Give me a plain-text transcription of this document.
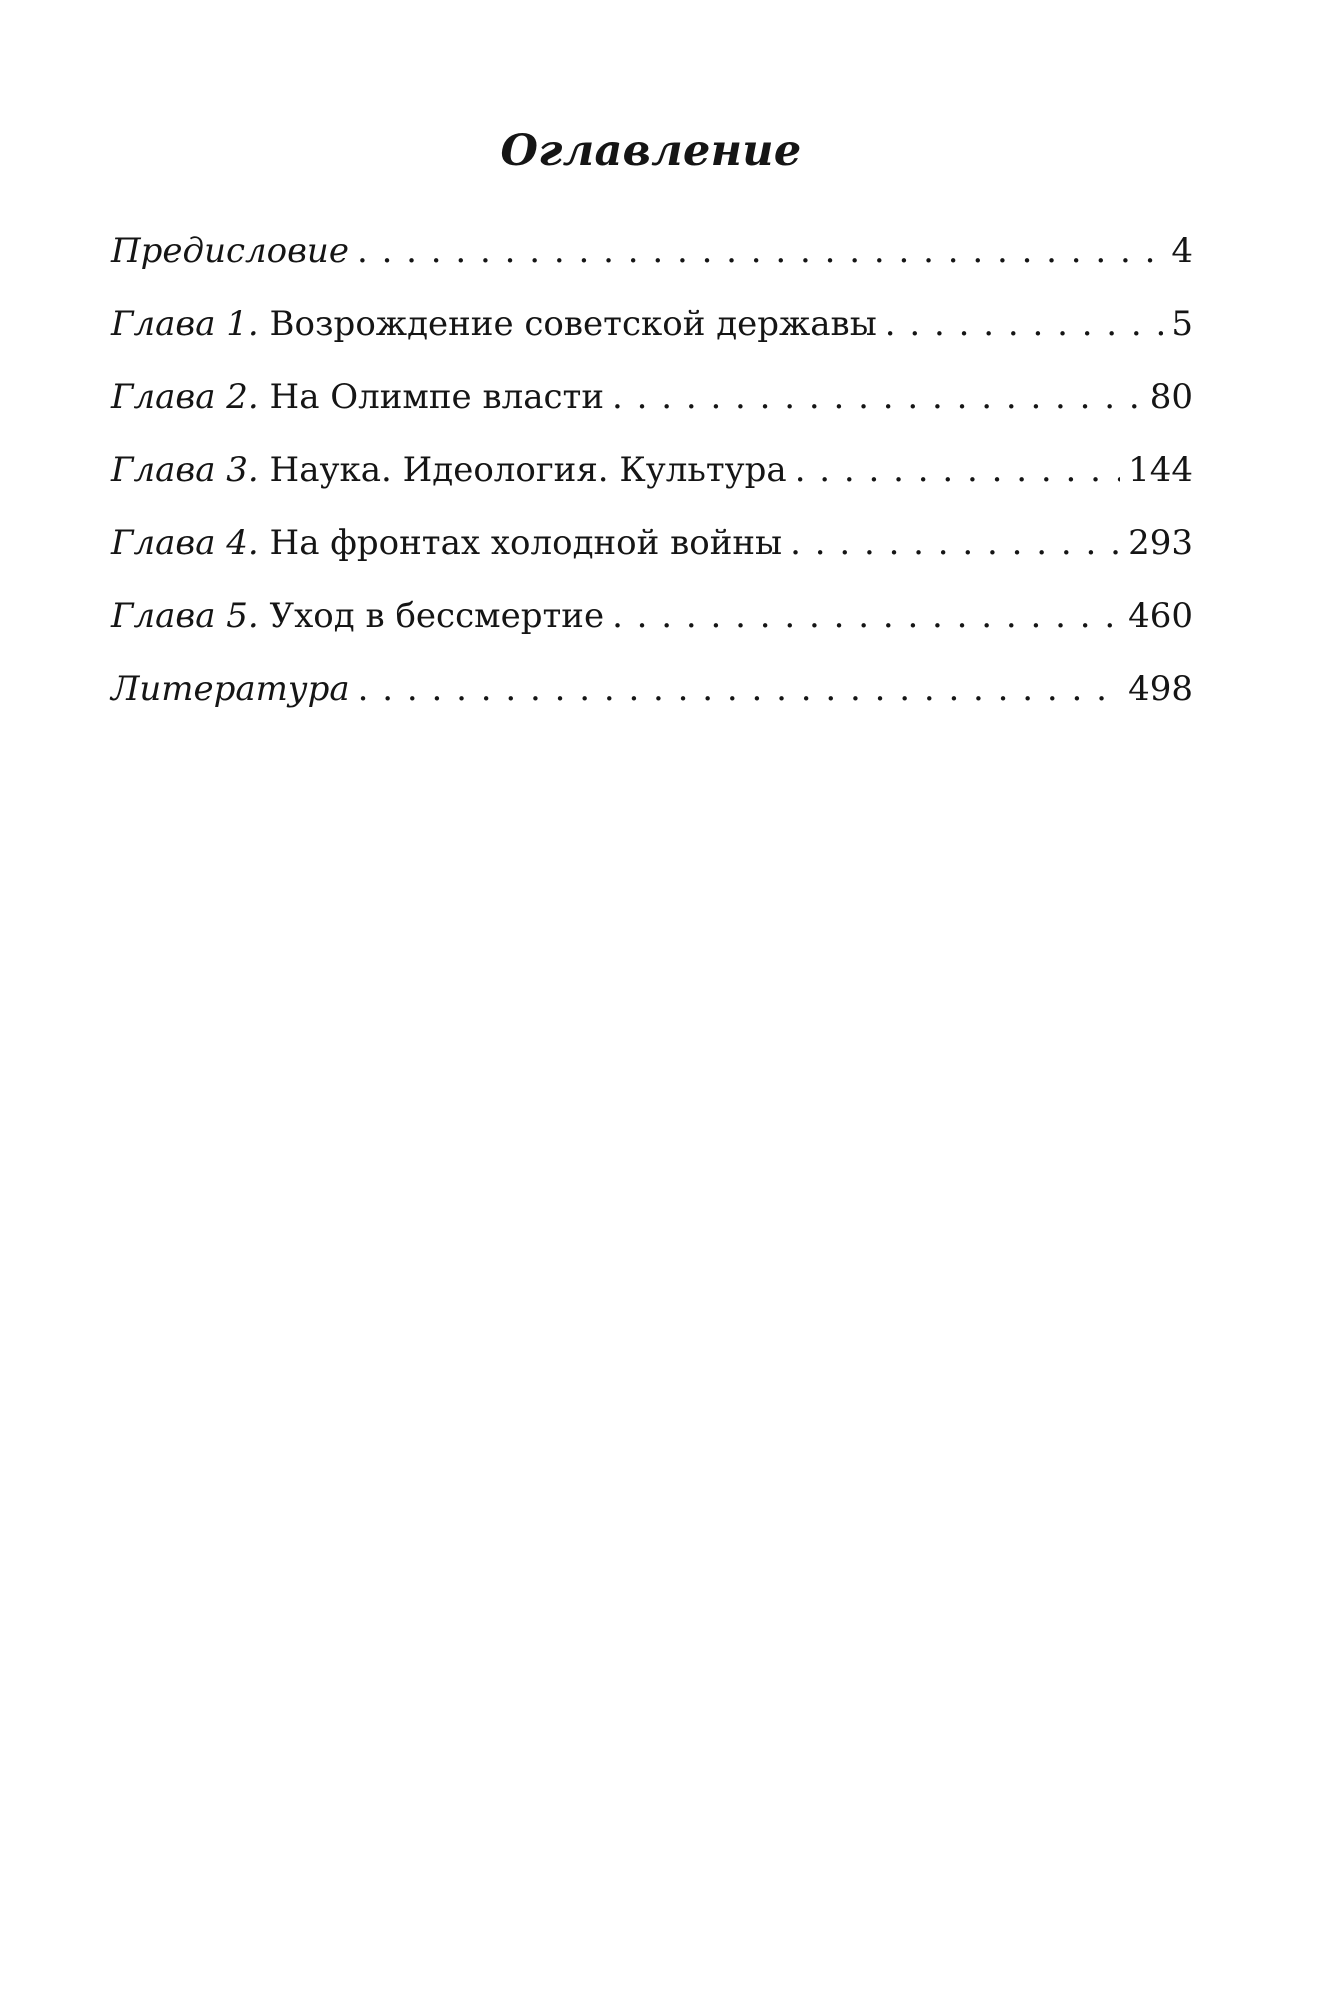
Оглавление
Предисловие . . .	4
Глава 1. Возрождение советской державы . . .	5
Глава 2. На Олимпе власти . . .	80
Глава 3. Наука. Идеология. Культура . . .	144
Глава 4. На фронтах холодной войны . . .	293
Глава 5. Уход в бессмертие . . .	460
Литература . . .	498
